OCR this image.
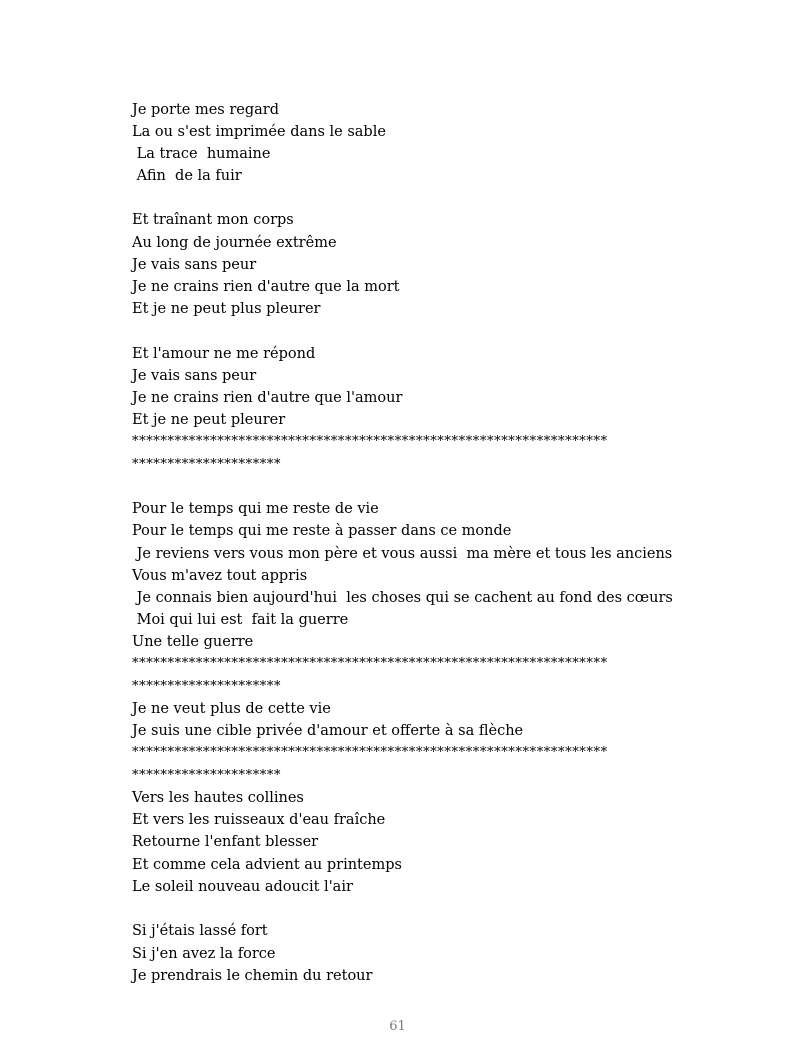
Je porte mes regard
La ou s'est imprimée dans le sable
La trace  humaine
Afin  de la fuir
Et traînant mon corps
Au long de journée extrême
Je vais sans peur
Je ne crains rien d'autre que la mort
Et je ne peut plus pleurer
Et l'amour ne me répond
Je vais sans peur
Je ne crains rien d'autre que l'amour
Et je ne peut pleurer
*******************************************************************
*********************
Pour le temps qui me reste de vie
Pour le temps qui me reste à passer dans ce monde
Je reviens vers vous mon père et vous aussi  ma mère et tous les anciens
Vous m'avez tout appris
Je connais bien aujourd'hui  les choses qui se cachent au fond des cœurs
Moi qui lui est  fait la guerre
Une telle guerre
*******************************************************************
*********************
Je ne veut plus de cette vie
Je suis une cible privée d'amour et offerte à sa flèche
*******************************************************************
*********************
Vers les hautes collines
Et vers les ruisseaux d'eau fraîche
Retourne l'enfant blesser
Et comme cela advient au printemps
Le soleil nouveau adoucit l'air
Si j'étais lassé fort
Si j'en avez la force
Je prendrais le chemin du retour
61
